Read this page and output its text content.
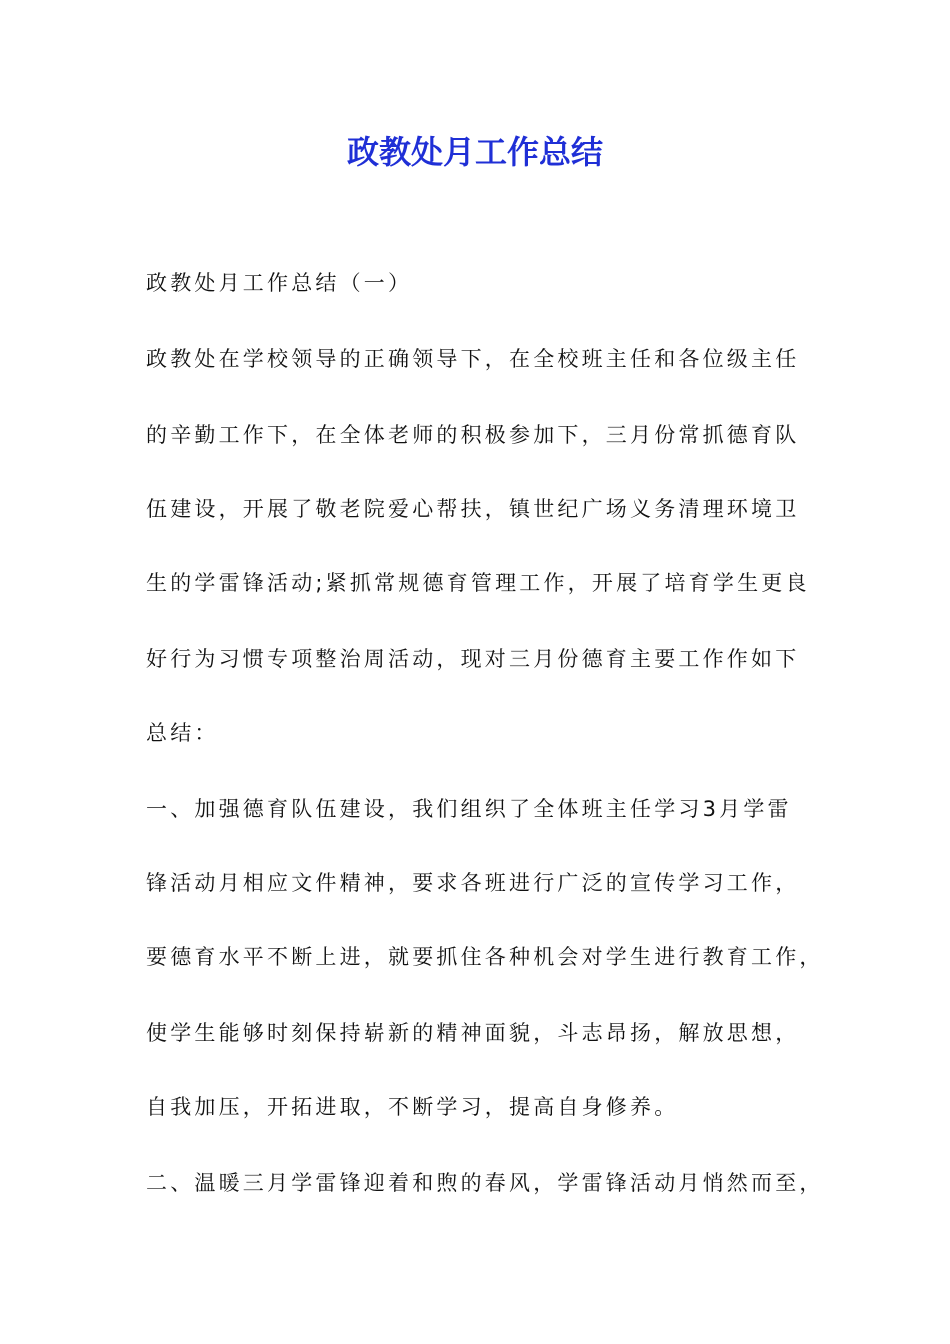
政教处月工作总结

政教处月工作总结（一）

政教处在学校领导的正确领导下，在全校班主任和各位级主任

的辛勤工作下，在全体老师的积极参加下，三月份常抓德育队

伍建设，开展了敬老院爱心帮扶，镇世纪广场义务清理环境卫

生的学雷锋活动;紧抓常规德育管理工作，开展了培育学生更良

好行为习惯专项整治周活动，现对三月份德育主要工作作如下

总结：

一、加强德育队伍建设，我们组织了全体班主任学习3月学雷

锋活动月相应文件精神，要求各班进行广泛的宣传学习工作，

要德育水平不断上进，就要抓住各种机会对学生进行教育工作，

使学生能够时刻保持崭新的精神面貌，斗志昂扬，解放思想，

自我加压，开拓进取，不断学习，提高自身修养。

二、温暖三月学雷锋迎着和煦的春风，学雷锋活动月悄然而至，
